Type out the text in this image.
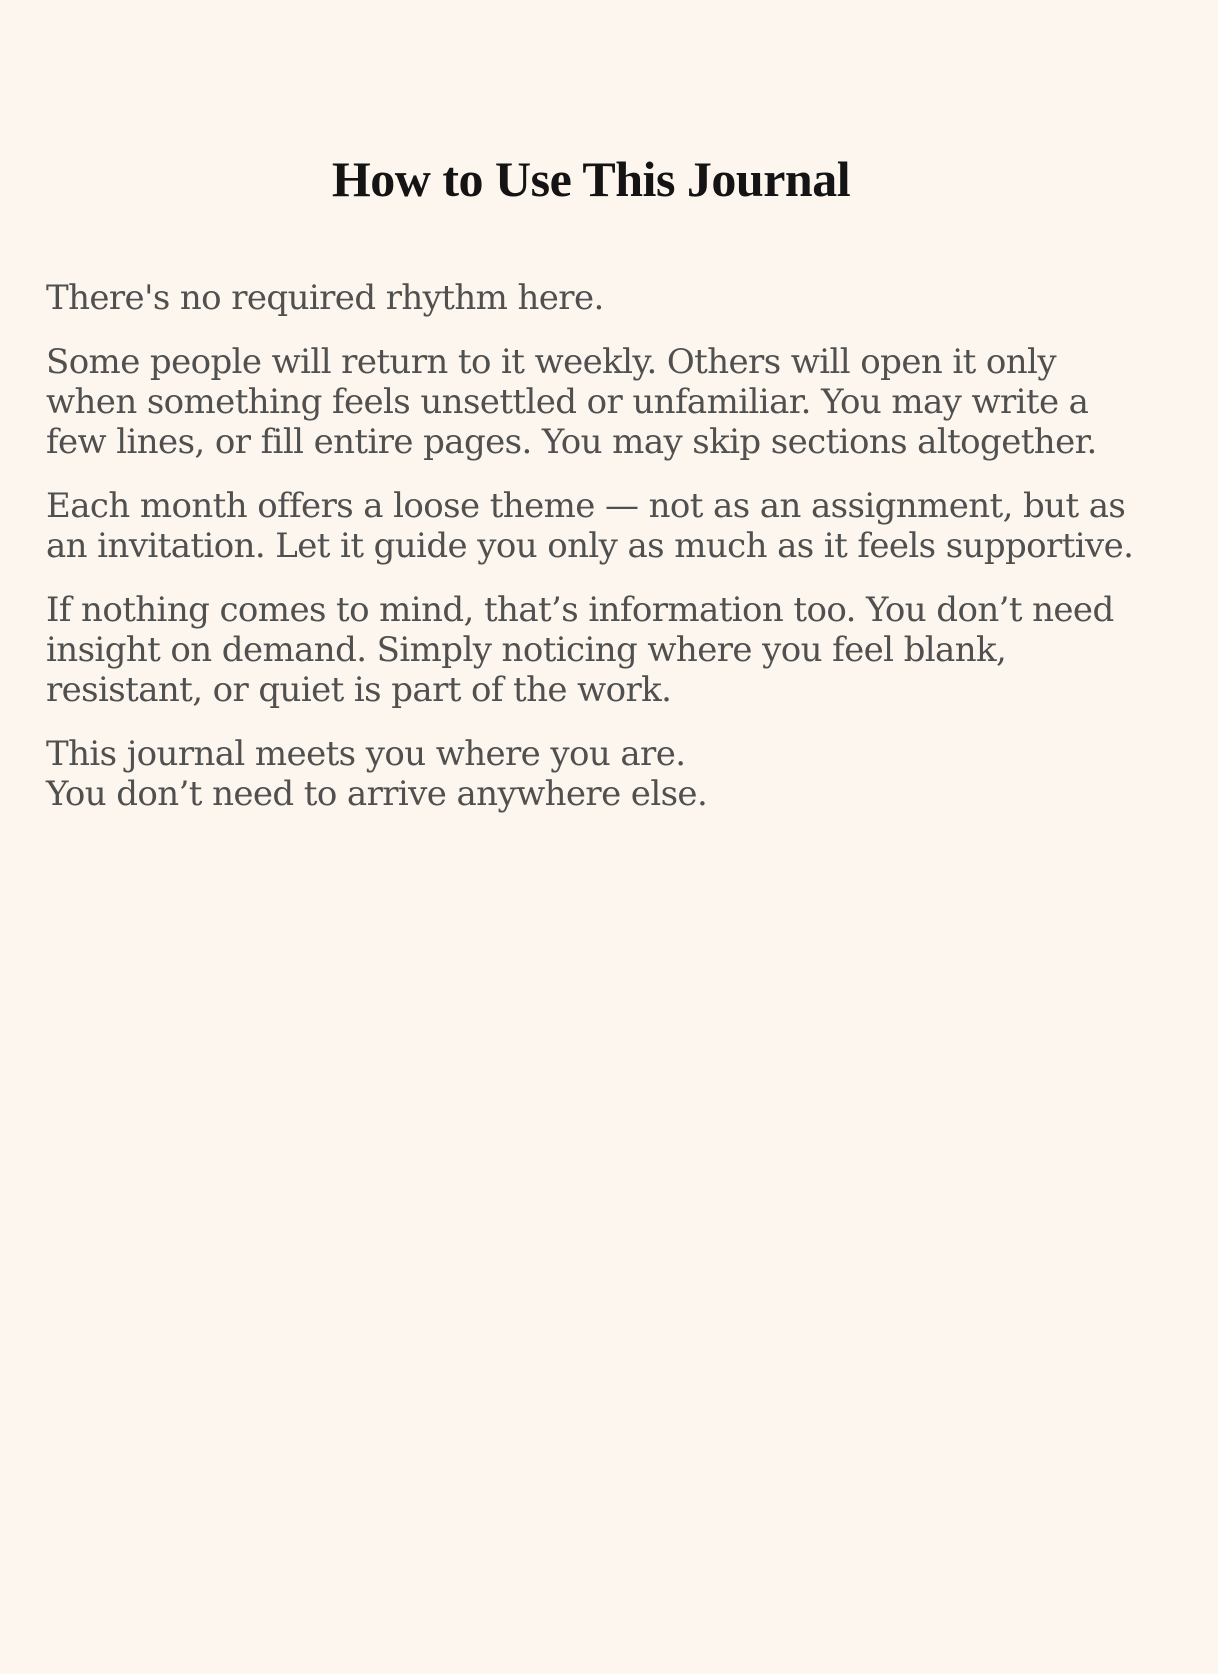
How to Use This Journal

There's no required rhythm here.

Some people will return to it weekly. Others will open it only when something feels unsettled or unfamiliar. You may write a few lines, or fill entire pages. You may skip sections altogether.

Each month offers a loose theme — not as an assignment, but as an invitation. Let it guide you only as much as it feels supportive.

If nothing comes to mind, that’s information too. You don’t need insight on demand. Simply noticing where you feel blank, resistant, or quiet is part of the work.

This journal meets you where you are.
You don’t need to arrive anywhere else.
